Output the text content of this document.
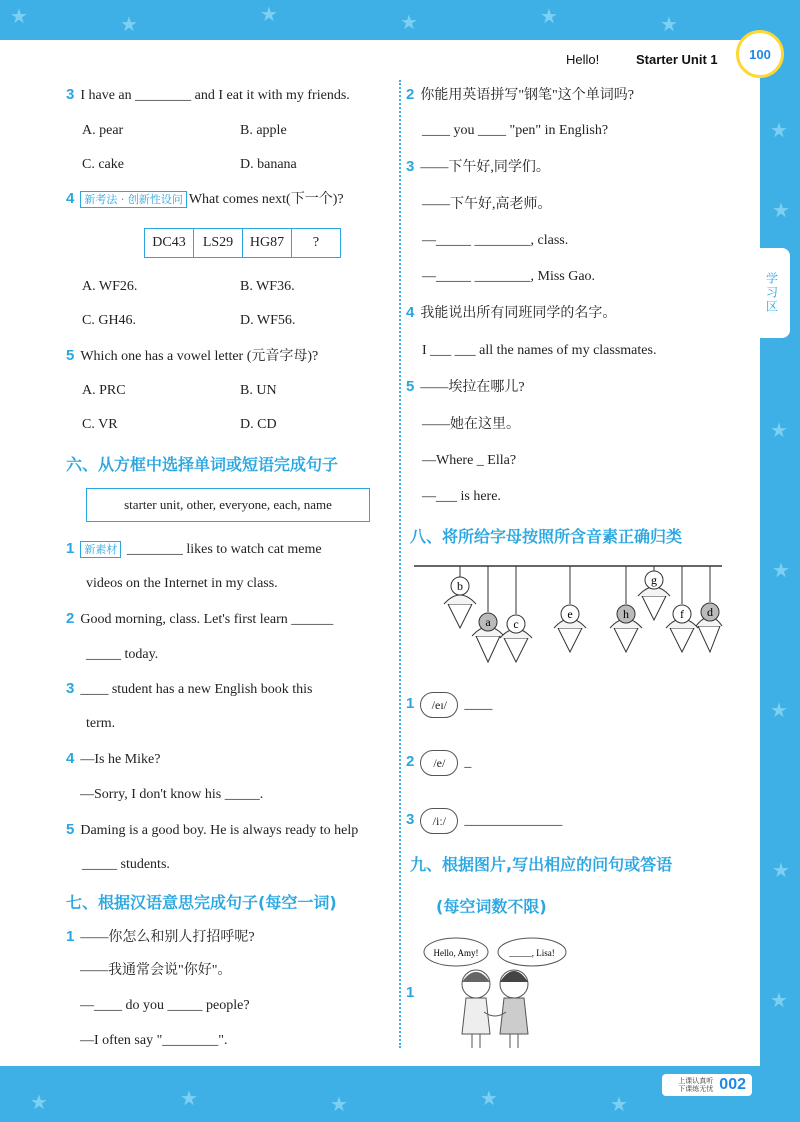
★	★	★	★	★	★
★
★
★
★
★
★
★
★	★	★	★	★
Hello!	Starter Unit 1	100
学习区
3 I have an ________ and I eat it with my friends.
A. pear	B. apple
C. cake	D. banana
4 新考法 · 创新性设问 What comes next(下一个)?
DC43	LS29	HG87	?
A. WF26.	B. WF36.
C. GH46.	D. WF56.
5 Which one has a vowel letter (元音字母)?
A. PRC	B. UN
C. VR	D. CD
六、从方框中选择单词或短语完成句子
starter unit, other, everyone, each, name
1 新素材 ________ likes to watch cat meme
videos on the Internet in my class.
2 Good morning, class. Let's first learn ______
_____ today.
3 ____ student has a new English book this
term.
4 —Is he Mike?
—Sorry, I don't know his _____.
5 Daming is a good boy. He is always ready to help
_____ students.
七、根据汉语意思完成句子(每空一词)
1 ——你怎么和别人打招呼呢?
——我通常会说"你好"。
—____ do you _____ people?
—I often say "________".
2 你能用英语拼写"钢笔"这个单词吗?
____ you ____ "pen" in English?
3 ——下午好,同学们。
——下午好,高老师。
—_____ ________, class.
—_____ ________, Miss Gao.
4 我能说出所有同班同学的名字。
I ___ ___ all the names of my classmates.
5 ——埃拉在哪儿?
——她在这里。
—Where _ Ella?
—___ is here.
八、将所给字母按照所含音素正确归类
b
a c
e	h
g
f d
1 /eɪ/ ____
2 /e/ _
3 /iː/ ______________
九、根据图片,写出相应的问句或答语
(每空词数不限)
1
Hello, Amy!	_____, Lisa!
上课认真听
下课练无忧 002
